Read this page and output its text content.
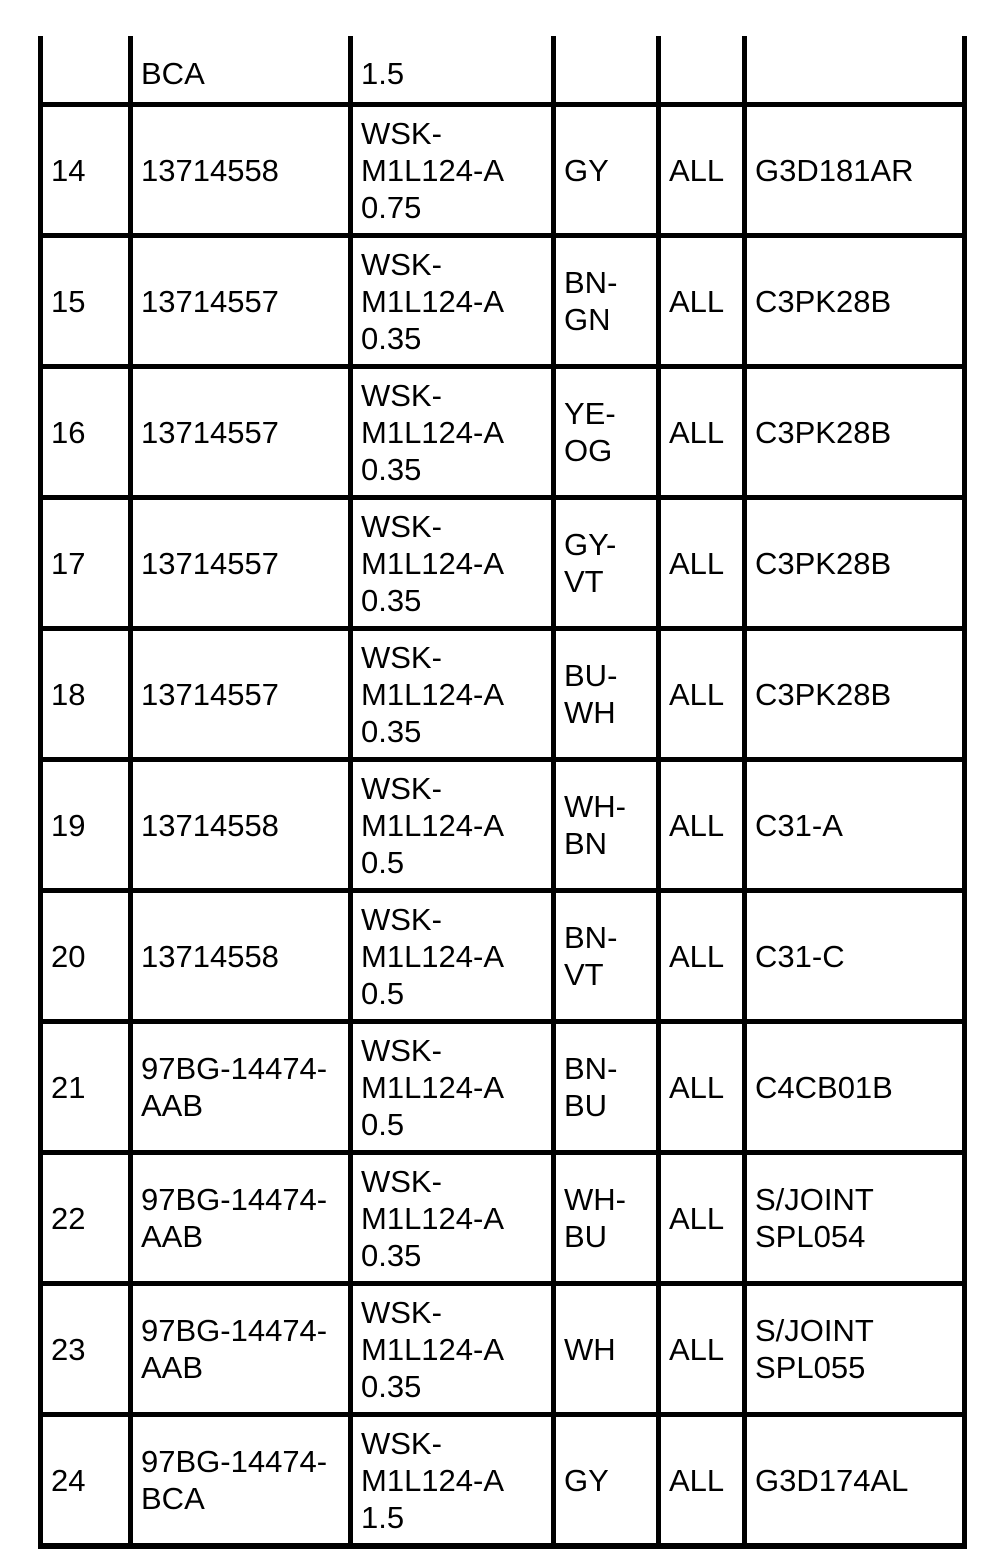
	BCA	1.5			

14	13714558	WSK-
M1L124-A
0.75	GY	ALL	G3D181AR

15	13714557	WSK-
M1L124-A
0.35	BN-
GN	ALL	C3PK28B

16	13714557	WSK-
M1L124-A
0.35	YE-
OG	ALL	C3PK28B

17	13714557	WSK-
M1L124-A
0.35	GY-
VT	ALL	C3PK28B

18	13714557	WSK-
M1L124-A
0.35	BU-
WH	ALL	C3PK28B

19	13714558	WSK-
M1L124-A
0.5	WH-
BN	ALL	C31-A

20	13714558	WSK-
M1L124-A
0.5	BN-
VT	ALL	C31-C

21	97BG-14474-
AAB	WSK-
M1L124-A
0.5	BN-
BU	ALL	C4CB01B

22	97BG-14474-
AAB	WSK-
M1L124-A
0.35	WH-
BU	ALL	S/JOINT
SPL054

23	97BG-14474-
AAB	WSK-
M1L124-A
0.35	WH	ALL	S/JOINT
SPL055

24	97BG-14474-
BCA	WSK-
M1L124-A
1.5	GY	ALL	G3D174AL
